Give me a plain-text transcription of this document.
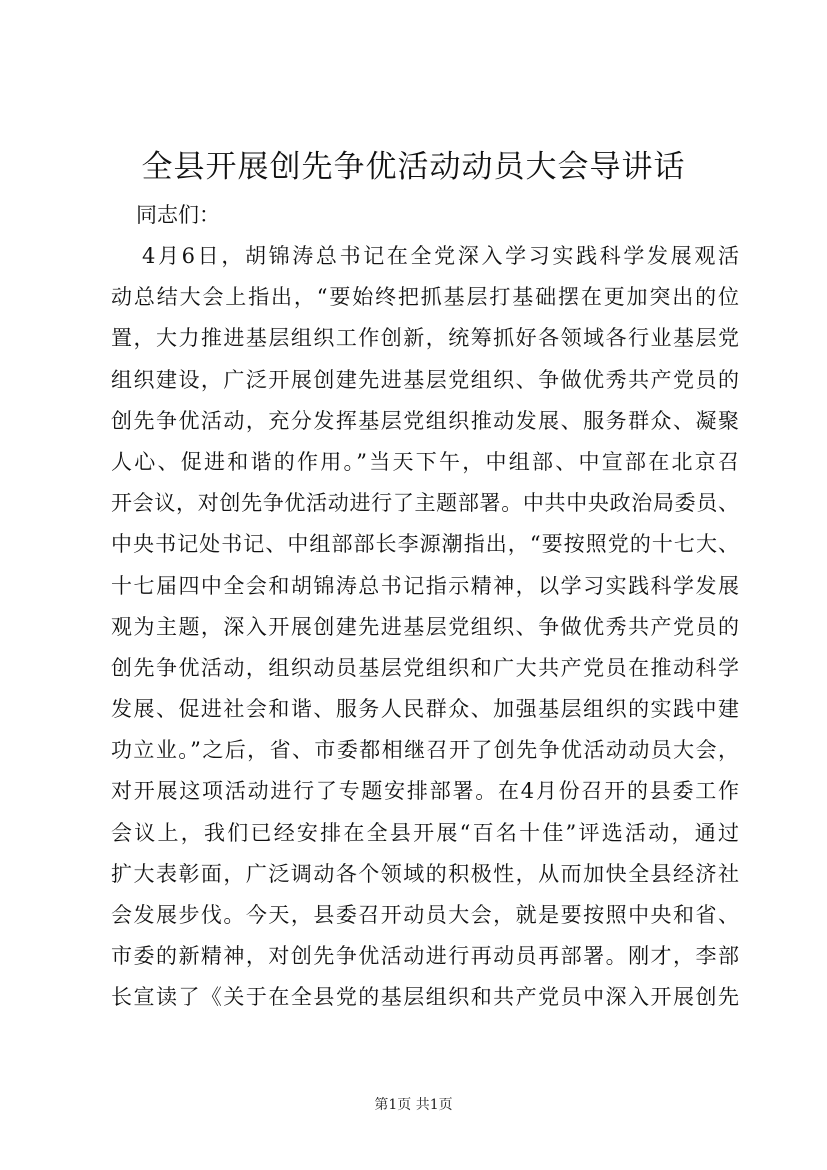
全县开展创先争优活动动员大会导讲话

同志们：

4月6日，胡锦涛总书记在全党深入学习实践科学发展观活
动总结大会上指出，“要始终把抓基层打基础摆在更加突出的位
置，大力推进基层组织工作创新，统筹抓好各领域各行业基层党
组织建设，广泛开展创建先进基层党组织、争做优秀共产党员的
创先争优活动，充分发挥基层党组织推动发展、服务群众、凝聚
人心、促进和谐的作用。”当天下午，中组部、中宣部在北京召
开会议，对创先争优活动进行了主题部署。中共中央政治局委员、
中央书记处书记、中组部部长李源潮指出，“要按照党的十七大、
十七届四中全会和胡锦涛总书记指示精神，以学习实践科学发展
观为主题，深入开展创建先进基层党组织、争做优秀共产党员的
创先争优活动，组织动员基层党组织和广大共产党员在推动科学
发展、促进社会和谐、服务人民群众、加强基层组织的实践中建
功立业。”之后，省、市委都相继召开了创先争优活动动员大会，
对开展这项活动进行了专题安排部署。在4月份召开的县委工作
会议上，我们已经安排在全县开展“百名十佳”评选活动，通过
扩大表彰面，广泛调动各个领域的积极性，从而加快全县经济社
会发展步伐。今天，县委召开动员大会，就是要按照中央和省、
市委的新精神，对创先争优活动进行再动员再部署。刚才，李部
长宣读了《关于在全县党的基层组织和共产党员中深入开展创先
第1页 共1页
